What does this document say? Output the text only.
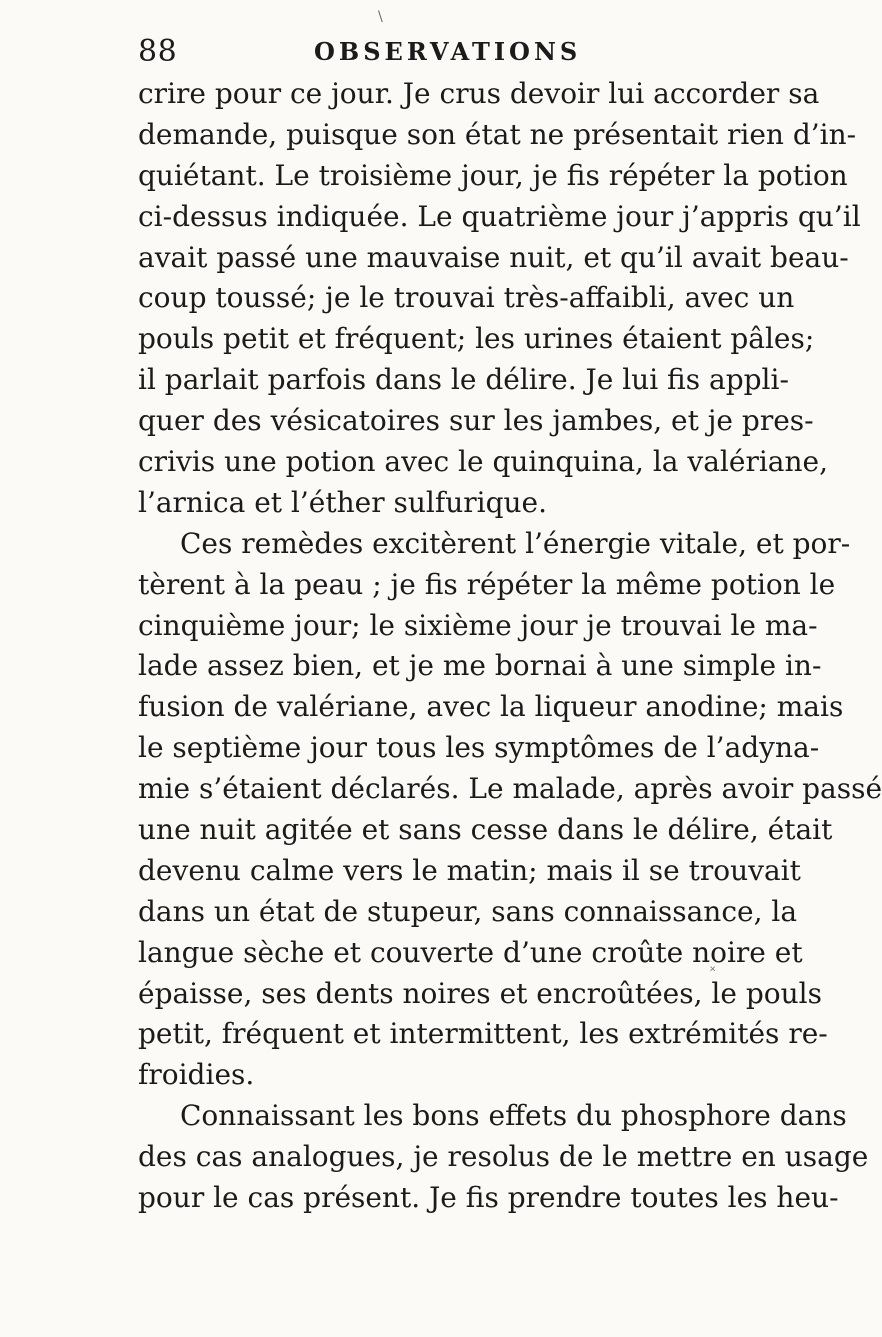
\
88	OBSERVATIONS
crire pour ce jour. Je crus devoir lui accorder sa
demande, puisque son état ne présentait rien d’in-
quiétant. Le troisième jour, je fis répéter la potion
ci-dessus indiquée. Le quatrième jour j’appris qu’il
avait passé une mauvaise nuit, et qu’il avait beau-
coup toussé; je le trouvai très-affaibli, avec un
pouls petit et fréquent; les urines étaient pâles;
il parlait parfois dans le délire. Je lui fis appli-
quer des vésicatoires sur les jambes, et je pres-
crivis une potion avec le quinquina, la valériane,
l’arnica et l’éther sulfurique.
Ces remèdes excitèrent l’énergie vitale, et por-
tèrent à la peau ; je fis répéter la même potion le
cinquième jour; le sixième jour je trouvai le ma-
lade assez bien, et je me bornai à une simple in-
fusion de valériane, avec la liqueur anodine; mais
le septième jour tous les symptômes de l’adyna-
mie s’étaient déclarés. Le malade, après avoir passé
une nuit agitée et sans cesse dans le délire, était
devenu calme vers le matin; mais il se trouvait
dans un état de stupeur, sans connaissance, la
langue sèche et couverte d’une croûte noire et
épaisse, ses dents noires et encroûtées, le pouls
petit, fréquent et intermittent, les extrémités re-
froidies.
Connaissant les bons effets du phosphore dans
des cas analogues, je resolus de le mettre en usage
pour le cas présent. Je fis prendre toutes les heu-
˟
